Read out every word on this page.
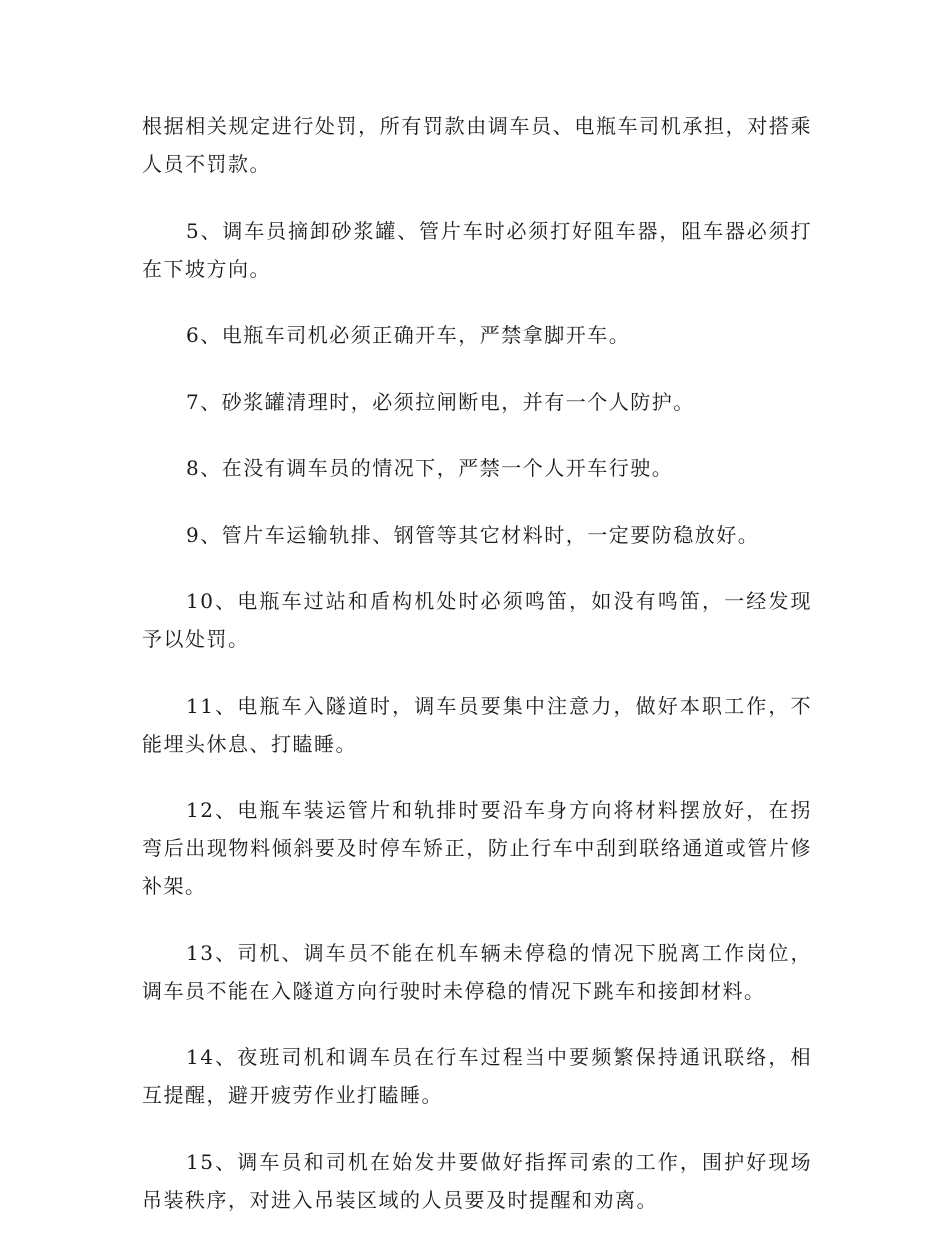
根据相关规定进行处罚，所有罚款由调车员、电瓶车司机承担，对搭乘人员不罚款。

5、调车员摘卸砂浆罐、管片车时必须打好阻车器，阻车器必须打在下坡方向。

6、电瓶车司机必须正确开车，严禁拿脚开车。

7、砂浆罐清理时，必须拉闸断电，并有一个人防护。

8、在没有调车员的情况下，严禁一个人开车行驶。

9、管片车运输轨排、钢管等其它材料时，一定要防稳放好。

10、电瓶车过站和盾构机处时必须鸣笛，如没有鸣笛，一经发现予以处罚。

11、电瓶车入隧道时，调车员要集中注意力，做好本职工作，不能埋头休息、打瞌睡。

12、电瓶车装运管片和轨排时要沿车身方向将材料摆放好，在拐弯后出现物料倾斜要及时停车矫正，防止行车中刮到联络通道或管片修补架。

13、司机、调车员不能在机车辆未停稳的情况下脱离工作岗位，调车员不能在入隧道方向行驶时未停稳的情况下跳车和接卸材料。

14、夜班司机和调车员在行车过程当中要频繁保持通讯联络，相互提醒，避开疲劳作业打瞌睡。

15、调车员和司机在始发井要做好指挥司索的工作，围护好现场吊装秩序，对进入吊装区域的人员要及时提醒和劝离。
